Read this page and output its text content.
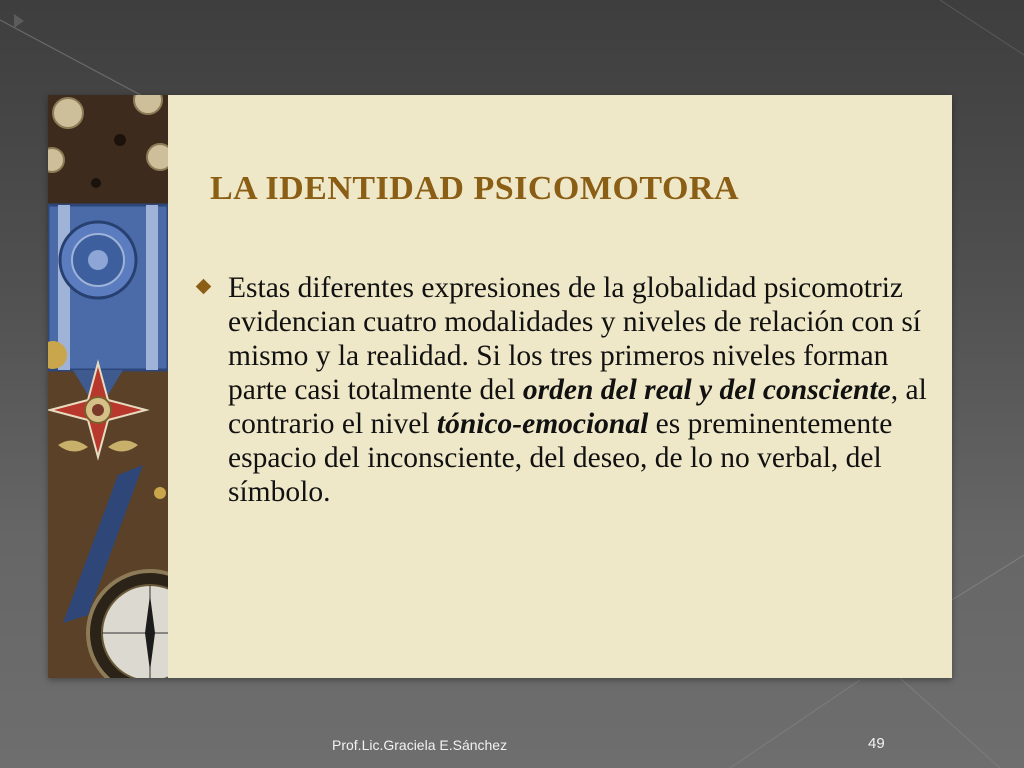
LA IDENTIDAD PSICOMOTORA

Estas diferentes expresiones de la globalidad psicomotriz evidencian cuatro modalidades y niveles de relación con sí mismo y la realidad. Si los tres primeros niveles forman parte casi totalmente del orden del real y del consciente, al contrario el nivel tónico-emocional es preminentemente espacio del inconsciente, del deseo, de lo no verbal, del símbolo.

Prof.Lic.Graciela E.Sánchez	49
